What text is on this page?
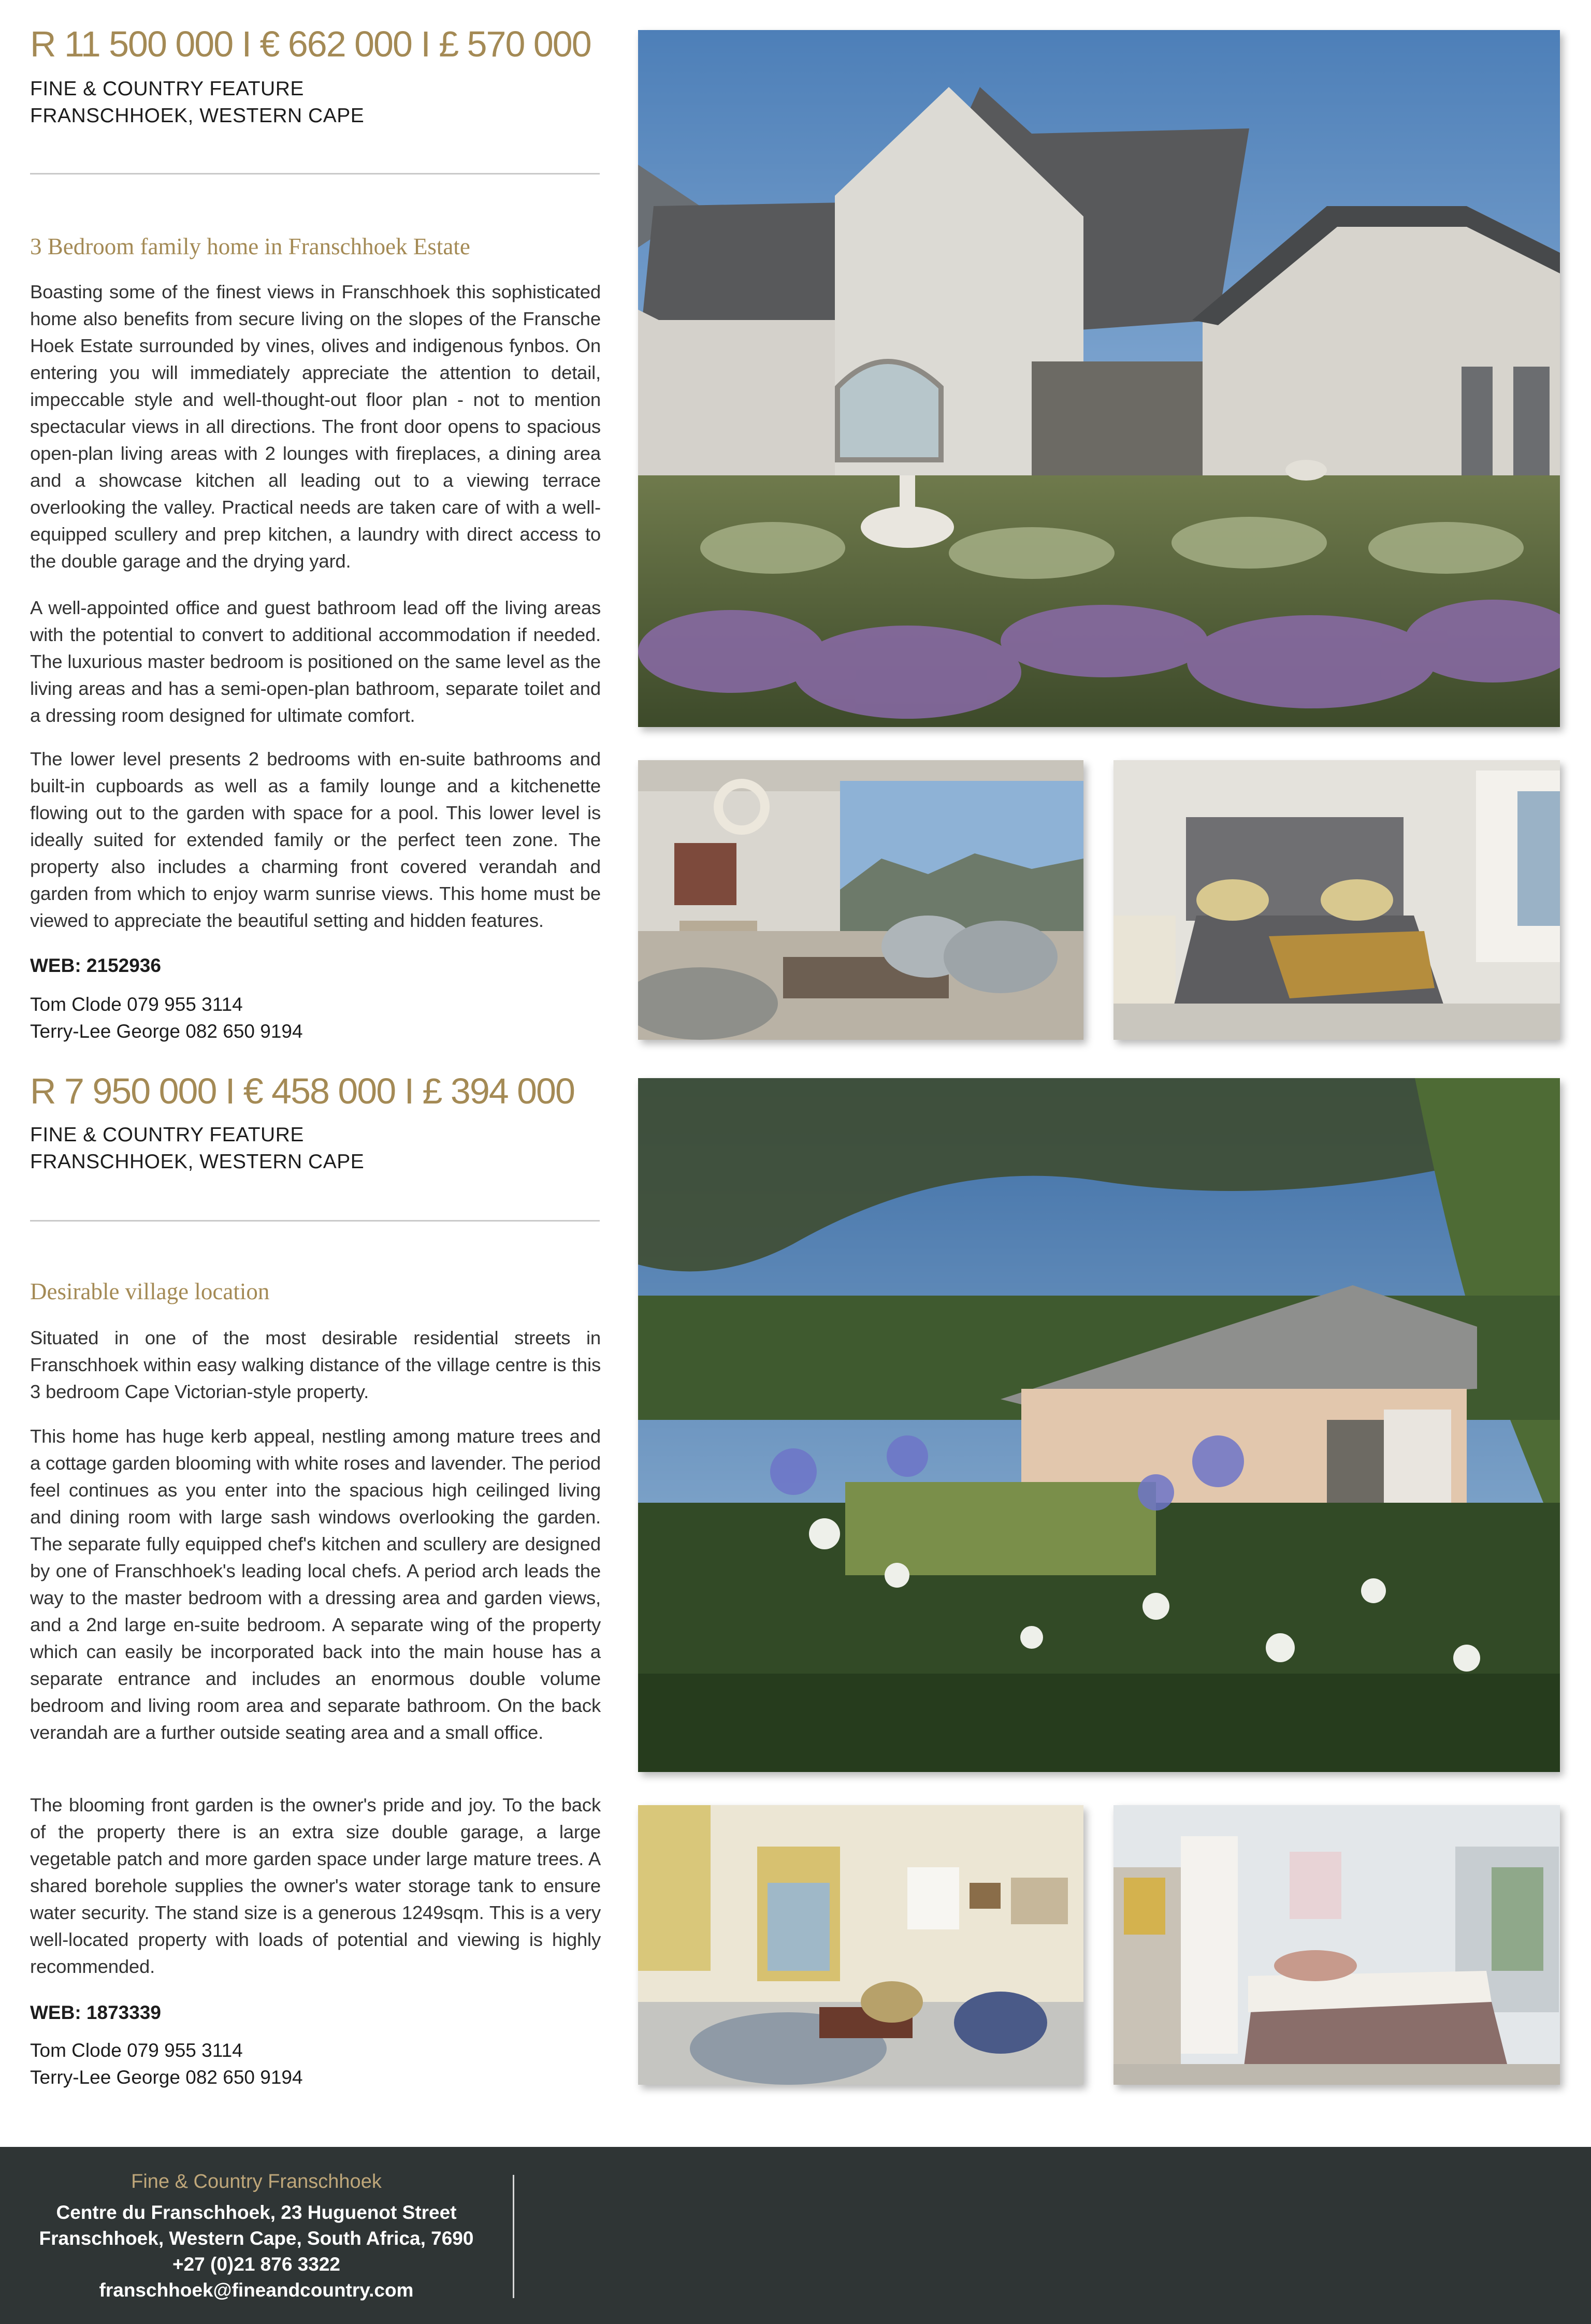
R 11 500 000 I € 662 000 I £ 570 000
FINE & COUNTRY FEATURE
FRANSCHHOEK, WESTERN CAPE
3 Bedroom family home in Franschhoek Estate

Boasting some of the finest views in Franschhoek this sophisticated home also benefits from secure living on the slopes of the Fransche Hoek Estate surrounded by vines, olives and indigenous fynbos. On entering you will immediately appreciate the attention to detail, impeccable style and well-thought-out floor plan - not to mention spectacular views in all directions. The front door opens to spacious open-plan living areas with 2 lounges with fireplaces, a dining area and a showcase kitchen all leading out to a viewing terrace overlooking the valley. Practical needs are taken care of with a well-equipped scullery and prep kitchen, a laundry with direct access to the double garage and the drying yard.

A well-appointed office and guest bathroom lead off the living areas with the potential to convert to additional accommodation if needed. The luxurious master bedroom is positioned on the same level as the living areas and has a semi-open-plan bathroom, separate toilet and a dressing room designed for ultimate comfort.

The lower level presents 2 bedrooms with en-suite bathrooms and built-in cupboards as well as a family lounge and a kitchenette flowing out to the garden with space for a pool. This lower level is ideally suited for extended family or the perfect teen zone. The property also includes a charming front covered verandah and garden from which to enjoy warm sunrise views. This home must be viewed to appreciate the beautiful setting and hidden features.

WEB: 2152936
Tom Clode 079 955 3114
Terry-Lee George 082 650 9194
R 7 950 000 I € 458 000 I £ 394 000
FINE & COUNTRY FEATURE
FRANSCHHOEK, WESTERN CAPE
Desirable village location

Situated in one of the most desirable residential streets in Franschhoek within easy walking distance of the village centre is this 3 bedroom Cape Victorian-style property.

This home has huge kerb appeal, nestling among mature trees and a cottage garden blooming with white roses and lavender. The period feel continues as you enter into the spacious high ceilinged living and dining room with large sash windows overlooking the garden. The separate fully equipped chef's kitchen and scullery are designed by one of Franschhoek's leading local chefs. A period arch leads the way to the master bedroom with a dressing area and garden views, and a 2nd large en-suite bedroom. A separate wing of the property which can easily be incorporated back into the main house has a separate entrance and includes an enormous double volume bedroom and living room area and separate bathroom. On the back verandah are a further outside seating area and a small office.

The blooming front garden is the owner's pride and joy. To the back of the property there is an extra size double garage, a large vegetable patch and more garden space under large mature trees. A shared borehole supplies the owner's water storage tank to ensure water security. The stand size is a generous 1249sqm. This is a very well-located property with loads of potential and viewing is highly recommended.

WEB: 1873339
Tom Clode 079 955 3114
Terry-Lee George 082 650 9194
Fine & Country Franschhoek
Centre du Franschhoek, 23 Huguenot Street
Franschhoek, Western Cape, South Africa, 7690
+27 (0)21 876 3322
franschhoek@fineandcountry.com
